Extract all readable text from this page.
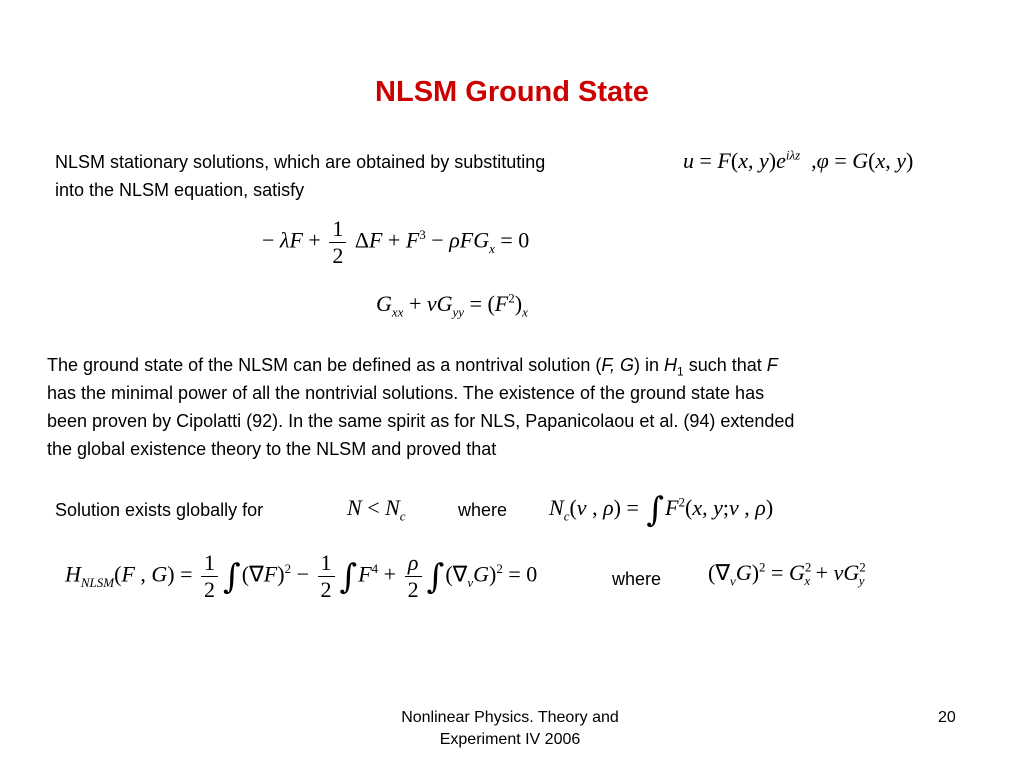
NLSM Ground State
NLSM stationary solutions, which are obtained by substituting
into the NLSM equation, satisfy
u = F(x, $y)e^{i\lambda z}$  ,φ = G(x, y)
− $\lambda F + \frac{1}{2}$ $\Delta F + F^3 - \rho FG_x = 0$
$G_{xx} + \nu G_{yy} = (F^2)_x$
The ground state of the NLSM can be defined as a nontrival solution (F, G) in $H_1$ such that F
has the minimal power of all the nontrivial solutions. The existence of the ground state has
been proven by Cipolatti (92). In the same spirit as for NLS, Papanicolaou et al. (94) extended
the global existence theory to the NLSM and proved that
Solution exists globally for	$N < N_c$	where $N_c(\nu$ , $\rho) = \int F^2(x$, y;ν , ρ)
$H_{NLSM}(F$ , $G) = \frac{1}{2} \int(\nabla F)^2 - \frac{1}{2} \int F^4 + \frac{\rho}{2} \int(\nabla_\nu G)^2 = 0$	where $(\nabla_\nu G)^2 = G^2_x + \nu G^2_y$
Nonlinear Physics. Theory and
Experiment IV 2006
20
